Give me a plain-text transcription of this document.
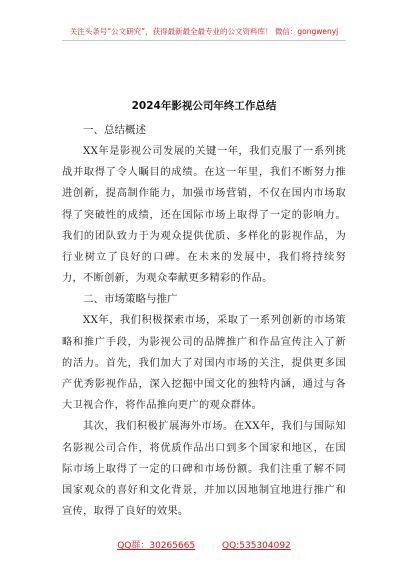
关注头条号“公文研究”，获得最新最全最专业的公文资料库！ 微信：gongwenyj
2024年影视公司年终工作总结

一、总结概述

XX年是影视公司发展的关键一年，我们克服了一系列挑战并取得了令人瞩目的成绩。在这一年里，我们不断努力推进创新，提高制作能力，加强市场营销，不仅在国内市场取得了突破性的成绩，还在国际市场上取得了一定的影响力。我们的团队致力于为观众提供优质、多样化的影视作品，为行业树立了良好的口碑。在未来的发展中，我们将持续努力，不断创新，为观众奉献更多精彩的作品。

二、市场策略与推广

XX年，我们积极探索市场，采取了一系列创新的市场策略和推广手段，为影视公司的品牌推广和作品宣传注入了新的活力。首先，我们加大了对国内市场的关注，提供更多国产优秀影视作品，深入挖掘中国文化的独特内涵，通过与各大卫视合作，将作品推向更广的观众群体。

其次，我们积极扩展海外市场。在XX年，我们与国际知名影视公司合作，将优质作品出口到多个国家和地区，在国际市场上取得了一定的口碑和市场份额。我们注重了解不同国家观众的喜好和文化背景，并加以因地制宜地进行推广和宣传，取得了良好的效果。

QQ群：30265665	QQ:535304092
